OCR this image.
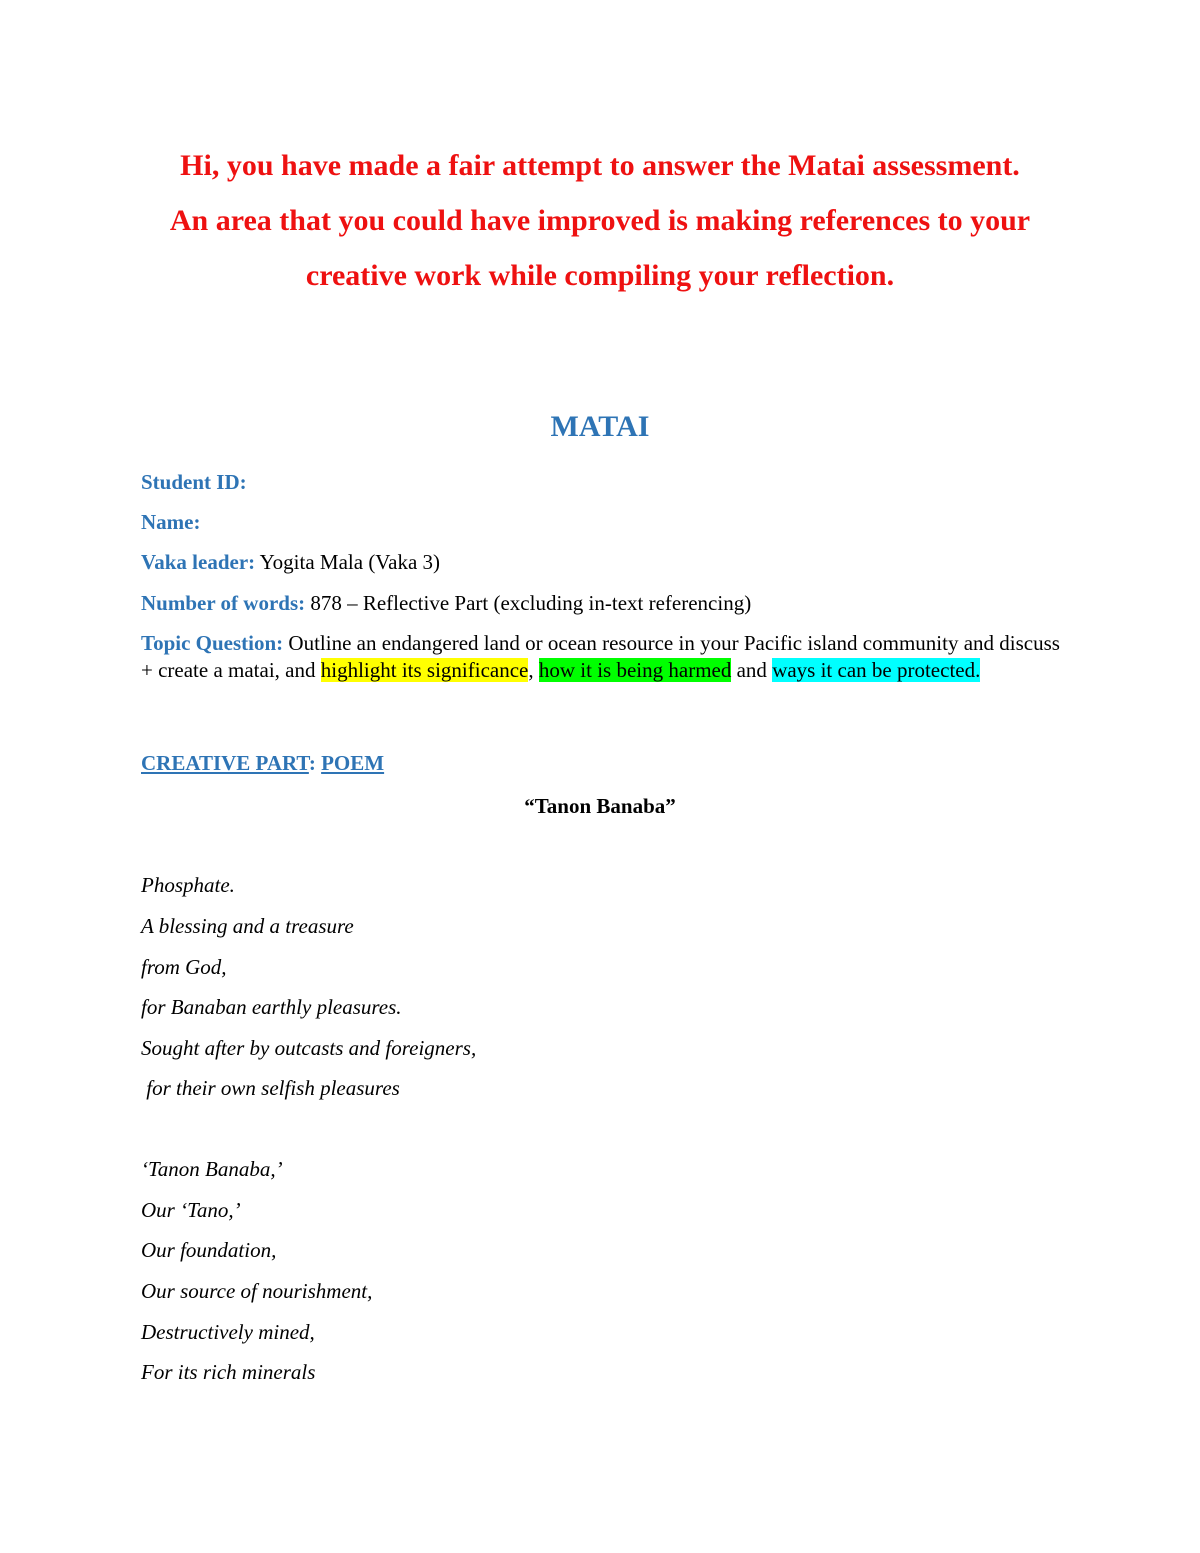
Hi, you have made a fair attempt to answer the Matai assessment.
An area that you could have improved is making references to your
creative work while compiling your reflection.
MATAI
Student ID:
Name:
Vaka leader: Yogita Mala (Vaka 3)
Number of words: 878 – Reflective Part (excluding in-text referencing)
Topic Question: Outline an endangered land or ocean resource in your Pacific island community and discuss + create a matai, and highlight its significance, how it is being harmed and ways it can be protected.
CREATIVE PART: POEM
“Tanon Banaba”
Phosphate.
A blessing and a treasure
from God,
for Banaban earthly pleasures.
Sought after by outcasts and foreigners,
for their own selfish pleasures
‘Tanon Banaba,’
Our ‘Tano,’
Our foundation,
Our source of nourishment,
Destructively mined,
For its rich minerals
